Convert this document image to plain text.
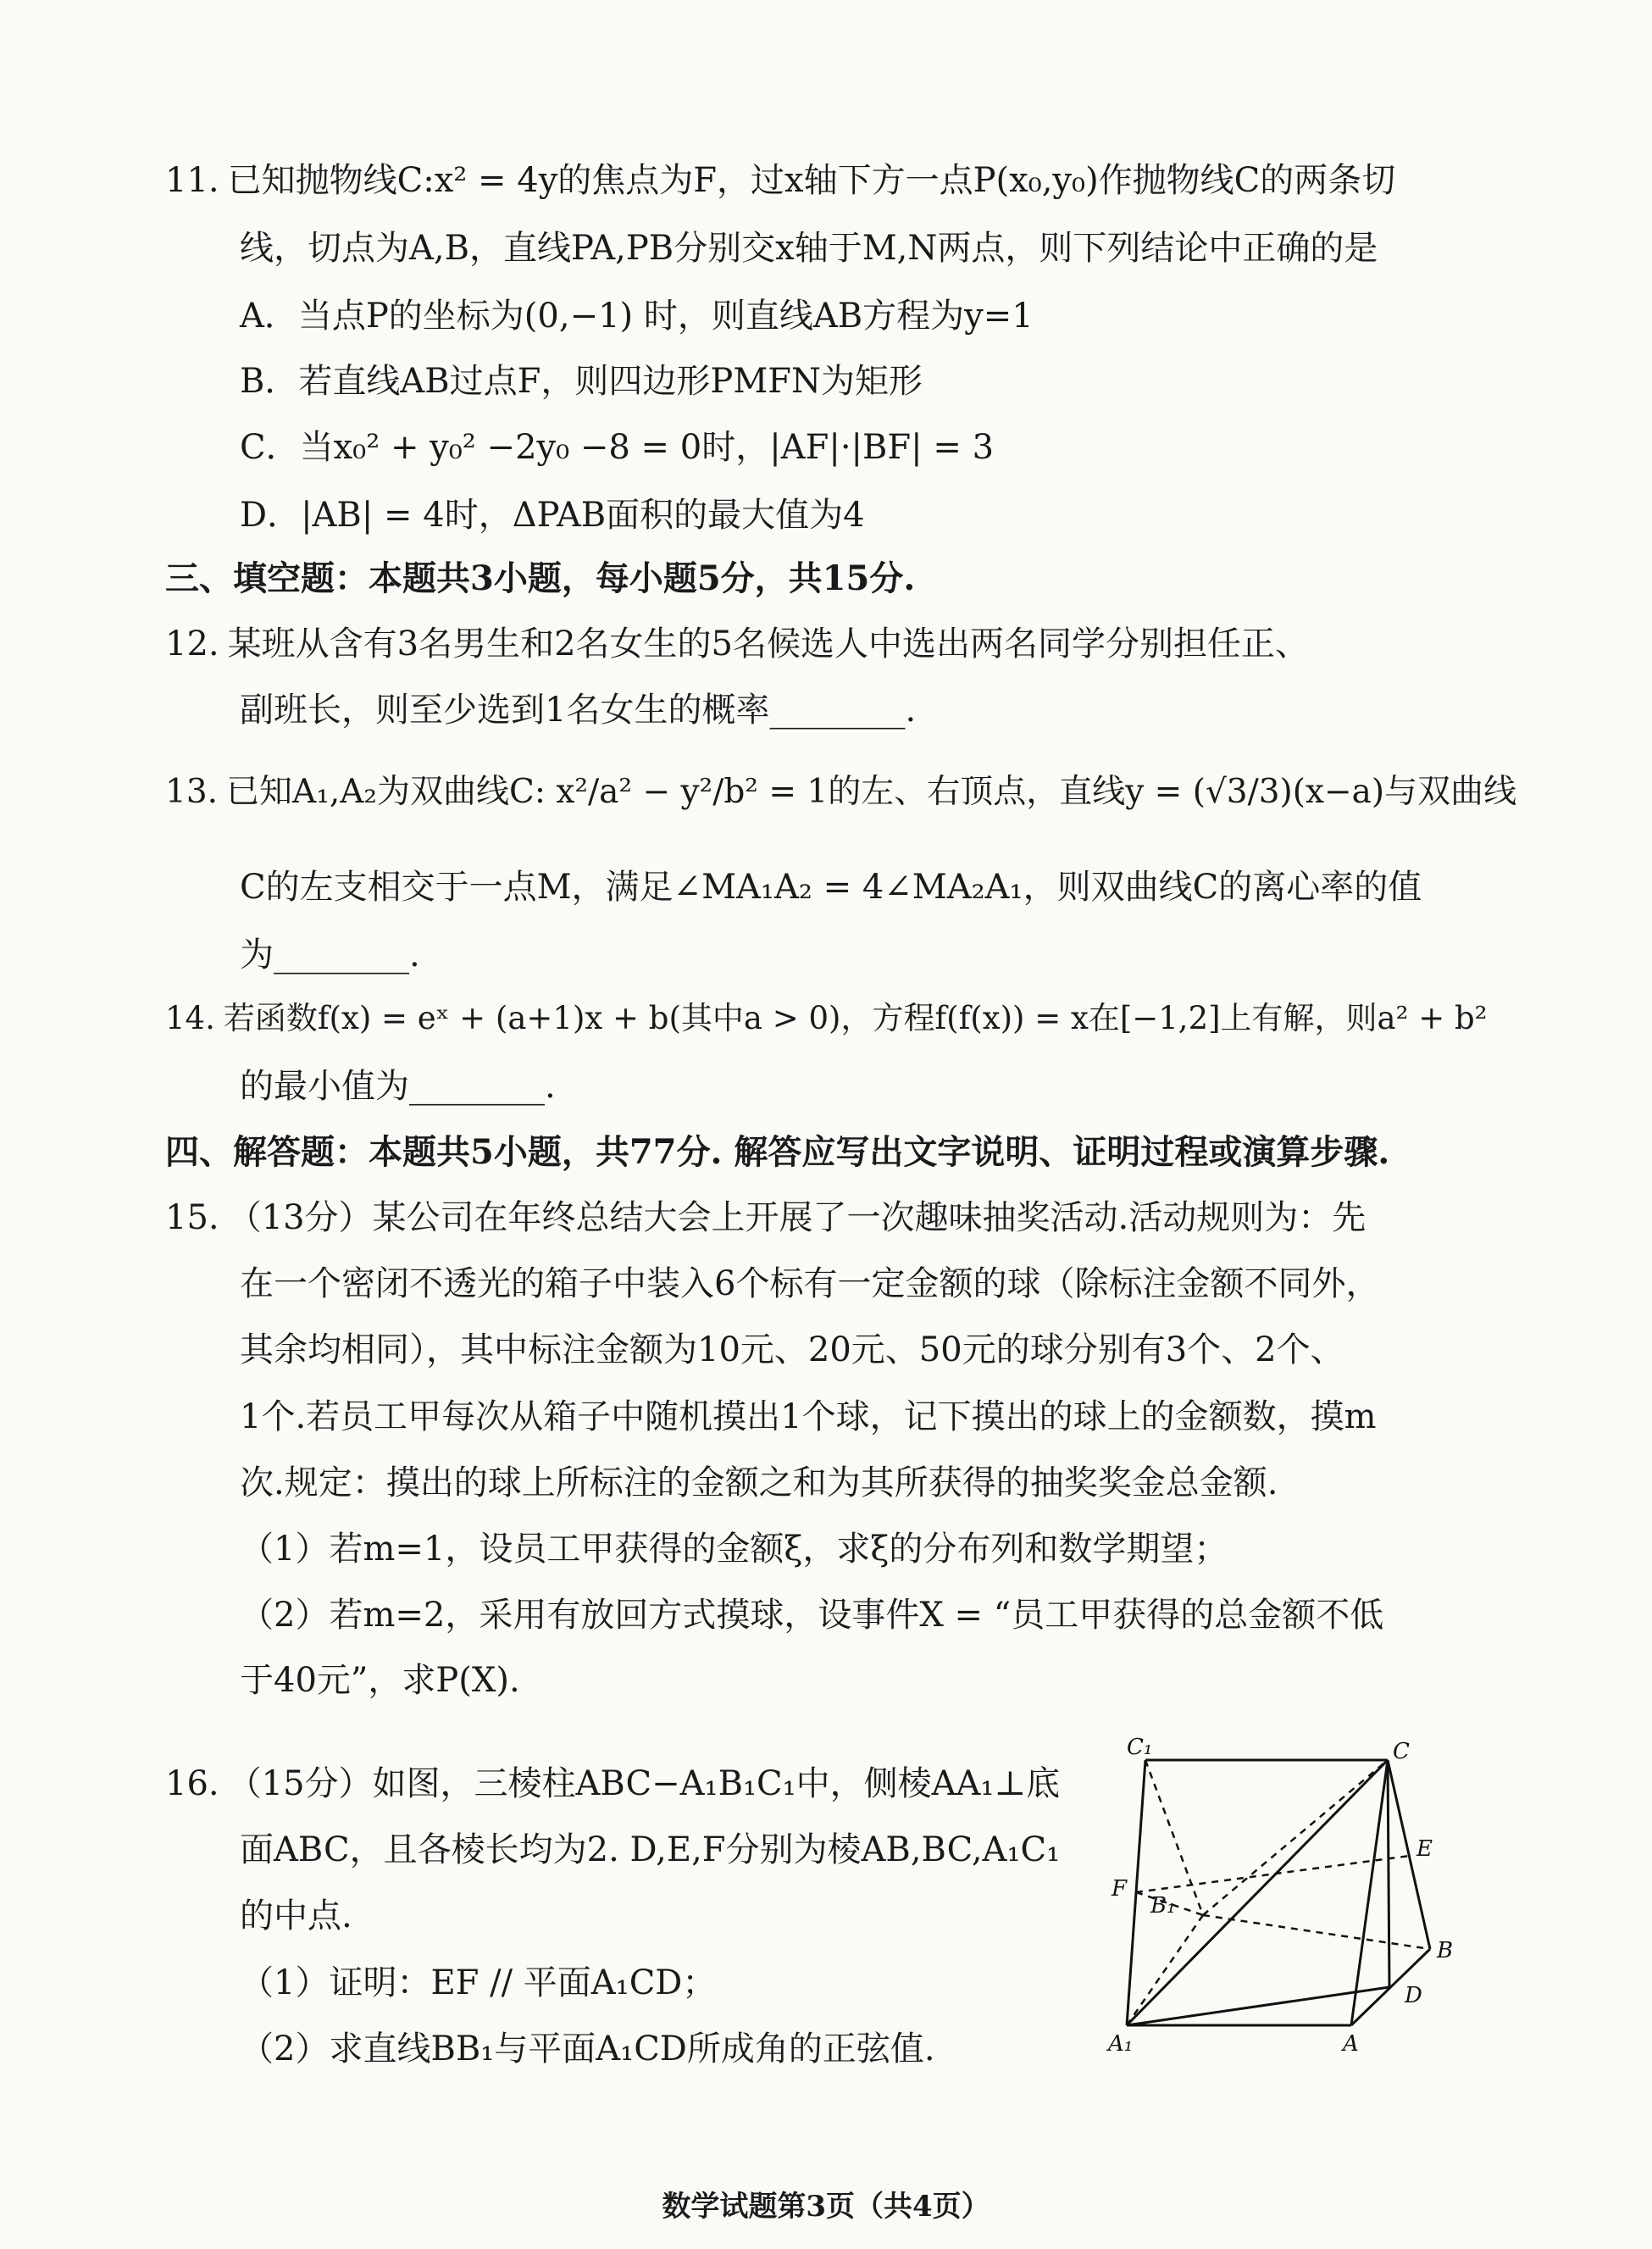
11. 已知抛物线C:x² = 4y的焦点为F，过x轴下方一点P(x₀,y₀)作抛物线C的两条切
线，切点为A,B，直线PA,PB分别交x轴于M,N两点，则下列结论中正确的是
A．当点P的坐标为(0,−1) 时，则直线AB方程为y=1
B．若直线AB过点F，则四边形PMFN为矩形
C．当x₀² + y₀² −2y₀ −8 = 0时，|AF|·|BF| = 3
D．|AB| = 4时，ΔPAB面积的最大值为4
三、填空题：本题共3小题，每小题5分，共15分.
12. 某班从含有3名男生和2名女生的5名候选人中选出两名同学分别担任正、
副班长，则至少选到1名女生的概率________.
13. 已知A₁,A₂为双曲线C: x²/a² − y²/b² = 1的左、右顶点，直线y = (√3/3)(x−a)与双曲线
C的左支相交于一点M，满足∠MA₁A₂ = 4∠MA₂A₁，则双曲线C的离心率的值
为________.
14. 若函数f(x) = eˣ + (a+1)x + b(其中a > 0)，方程f(f(x)) = x在[−1,2]上有解，则a² + b²
的最小值为________.
四、解答题：本题共5小题，共77分. 解答应写出文字说明、证明过程或演算步骤.
15. （13分）某公司在年终总结大会上开展了一次趣味抽奖活动.活动规则为：先
在一个密闭不透光的箱子中装入6个标有一定金额的球（除标注金额不同外，
其余均相同），其中标注金额为10元、20元、50元的球分别有3个、2个、
1个.若员工甲每次从箱子中随机摸出1个球，记下摸出的球上的金额数，摸m
次.规定：摸出的球上所标注的金额之和为其所获得的抽奖奖金总金额.
（1）若m=1，设员工甲获得的金额ξ，求ξ的分布列和数学期望；
（2）若m=2，采用有放回方式摸球，设事件X = “员工甲获得的总金额不低
于40元”，求P(X).
16. （15分）如图，三棱柱ABC−A₁B₁C₁中，侧棱AA₁⊥底
面ABC，且各棱长均为2. D,E,F分别为棱AB,BC,A₁C₁
的中点.
（1）证明：EF // 平面A₁CD；
（2）求直线BB₁与平面A₁CD所成角的正弦值.
C₁	C
E
F
B₁
B
D
A₁	A
数学试题第3页（共4页）
